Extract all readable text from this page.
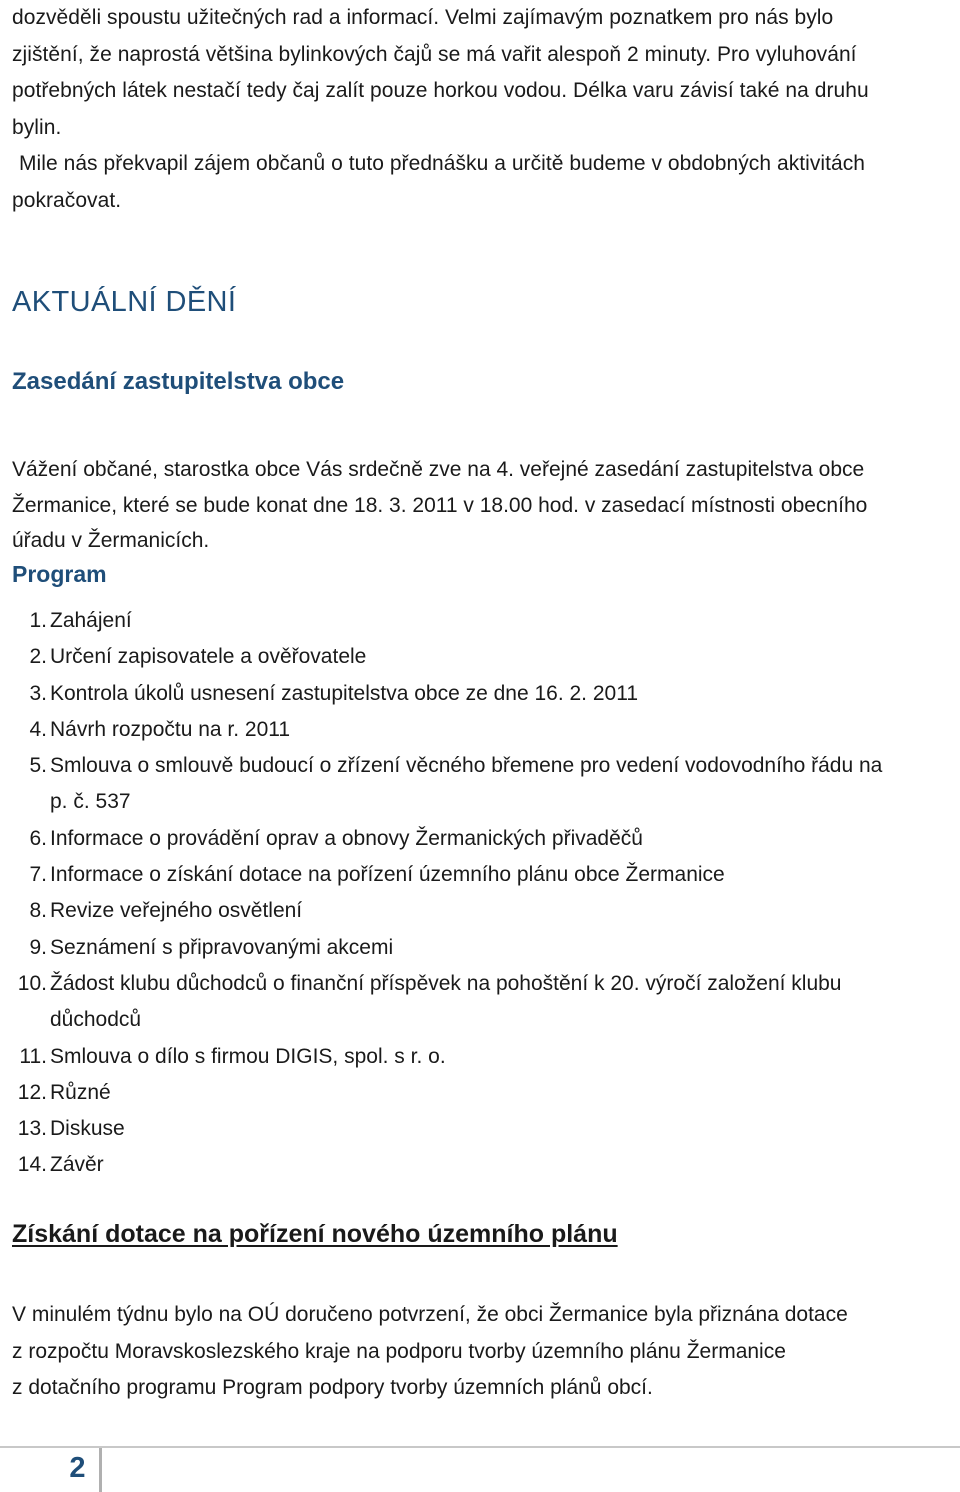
dozvěděli spoustu užitečných rad a informací. Velmi zajímavým poznatkem pro nás bylo

zjištění, že naprostá většina bylinkových čajů se má vařit alespoň 2 minuty. Pro vyluhování

potřebných látek nestačí tedy čaj zalít pouze horkou vodou. Délka varu závisí také na druhu

bylin.

Mile nás překvapil zájem občanů o tuto přednášku a určitě budeme v obdobných aktivitách

pokračovat.

AKTUÁLNÍ DĚNÍ
Zasedání zastupitelstva obce

Vážení občané, starostka obce Vás srdečně zve na 4. veřejné zasedání zastupitelstva obce
Žermanice, které se bude konat dne 18. 3. 2011 v 18.00 hod. v zasedací místnosti obecního
úřadu v Žermanicích.

Program
1. Zahájení
2. Určení zapisovatele a ověřovatele
3. Kontrola úkolů usnesení zastupitelstva obce ze dne 16. 2. 2011
4. Návrh rozpočtu na r. 2011
5. Smlouva o smlouvě budoucí o zřízení věcného břemene pro vedení vodovodního řádu na
p. č. 537
6. Informace o provádění oprav a obnovy Žermanických přivaděčů
7. Informace o získání dotace na pořízení územního plánu obce Žermanice
8. Revize veřejného osvětlení
9. Seznámení s připravovanými akcemi
10. Žádost klubu důchodců o finanční příspěvek na pohoštění k 20. výročí založení klubu
důchodců
11. Smlouva o dílo s firmou DIGIS, spol. s r. o.
12. Různé
13. Diskuse
14. Závěr
Získání dotace na pořízení nového územního plánu

V minulém týdnu bylo na OÚ doručeno potvrzení, že obci Žermanice byla přiznána dotace
z rozpočtu Moravskoslezského kraje na podporu tvorby územního plánu Žermanice
z dotačního programu Program podpory tvorby územních plánů obcí.

2
